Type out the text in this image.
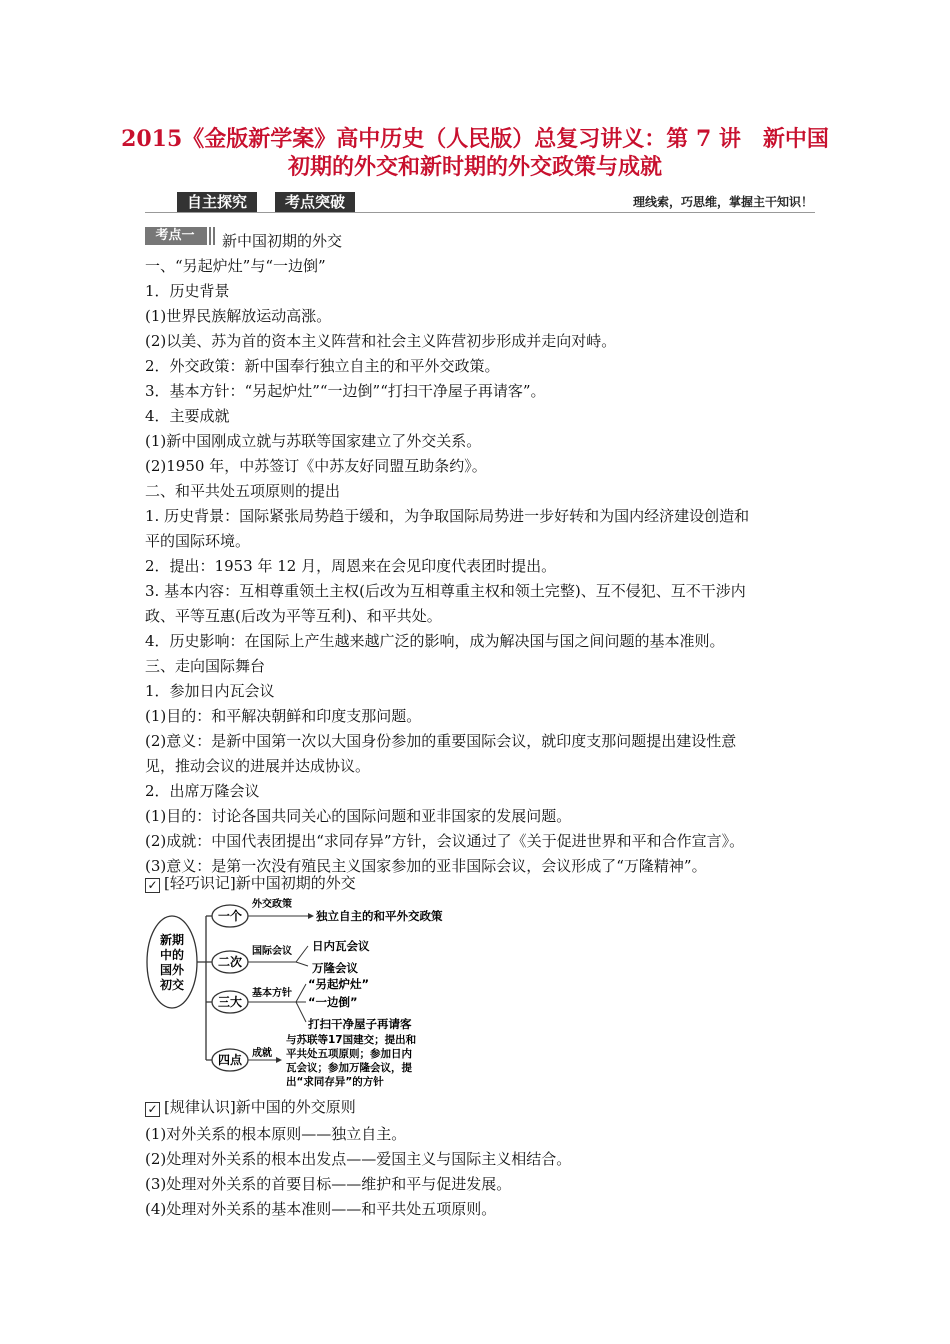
2015《金版新学案》高中历史（人民版）总复习讲义：第 7 讲　新中国
初期的外交和新时期的外交政策与成就
自主探究	考点突破	理线索，巧思维，掌握主干知识！
考点一	新中国初期的外交
一、“另起炉灶”与“一边倒”
1．历史背景
(1)世界民族解放运动高涨。
(2)以美、苏为首的资本主义阵营和社会主义阵营初步形成并走向对峙。
2．外交政策：新中国奉行独立自主的和平外交政策。
3．基本方针：“另起炉灶”“一边倒”“打扫干净屋子再请客”。
4．主要成就
(1)新中国刚成立就与苏联等国家建立了外交关系。
(2)1950 年，中苏签订《中苏友好同盟互助条约》。
二、和平共处五项原则的提出
1. 历史背景：国际紧张局势趋于缓和，为争取国际局势进一步好转和为国内经济建设创造和
平的国际环境。
2．提出：1953 年 12 月，周恩来在会见印度代表团时提出。
3. 基本内容：互相尊重领土主权(后改为互相尊重主权和领土完整)、互不侵犯、互不干涉内
政、平等互惠(后改为平等互利)、和平共处。
4．历史影响：在国际上产生越来越广泛的影响，成为解决国与国之间问题的基本准则。
三、走向国际舞台
1．参加日内瓦会议
(1)目的：和平解决朝鲜和印度支那问题。
(2)意义：是新中国第一次以大国身份参加的重要国际会议，就印度支那问题提出建设性意
见，推动会议的进展并达成协议。
2．出席万隆会议
(1)目的：讨论各国共同关心的国际问题和亚非国家的发展问题。
(2)成就：中国代表团提出“求同存异”方针，会议通过了《关于促进世界和平和合作宣言》。
(3)意义：是第一次没有殖民主义国家参加的亚非国际会议，会议形成了“万隆精神”。
✓ [轻巧识记]新中国初期的外交
新期
中的
国外
初交
一个
外交政策
独立自主的和平外交政策
二次
国际会议 日内瓦会议
万隆会议
三大
基本方针
“另起炉灶”
“一边倒”
打扫干净屋子再请客
四点 成就
与苏联等17国建交；提出和
平共处五项原则；参加日内
瓦会议；参加万隆会议，提
出“求同存异”的方针
✓ [规律认识]新中国的外交原则
(1)对外关系的根本原则——独立自主。
(2)处理对外关系的根本出发点——爱国主义与国际主义相结合。
(3)处理对外关系的首要目标——维护和平与促进发展。
(4)处理对外关系的基本准则——和平共处五项原则。
